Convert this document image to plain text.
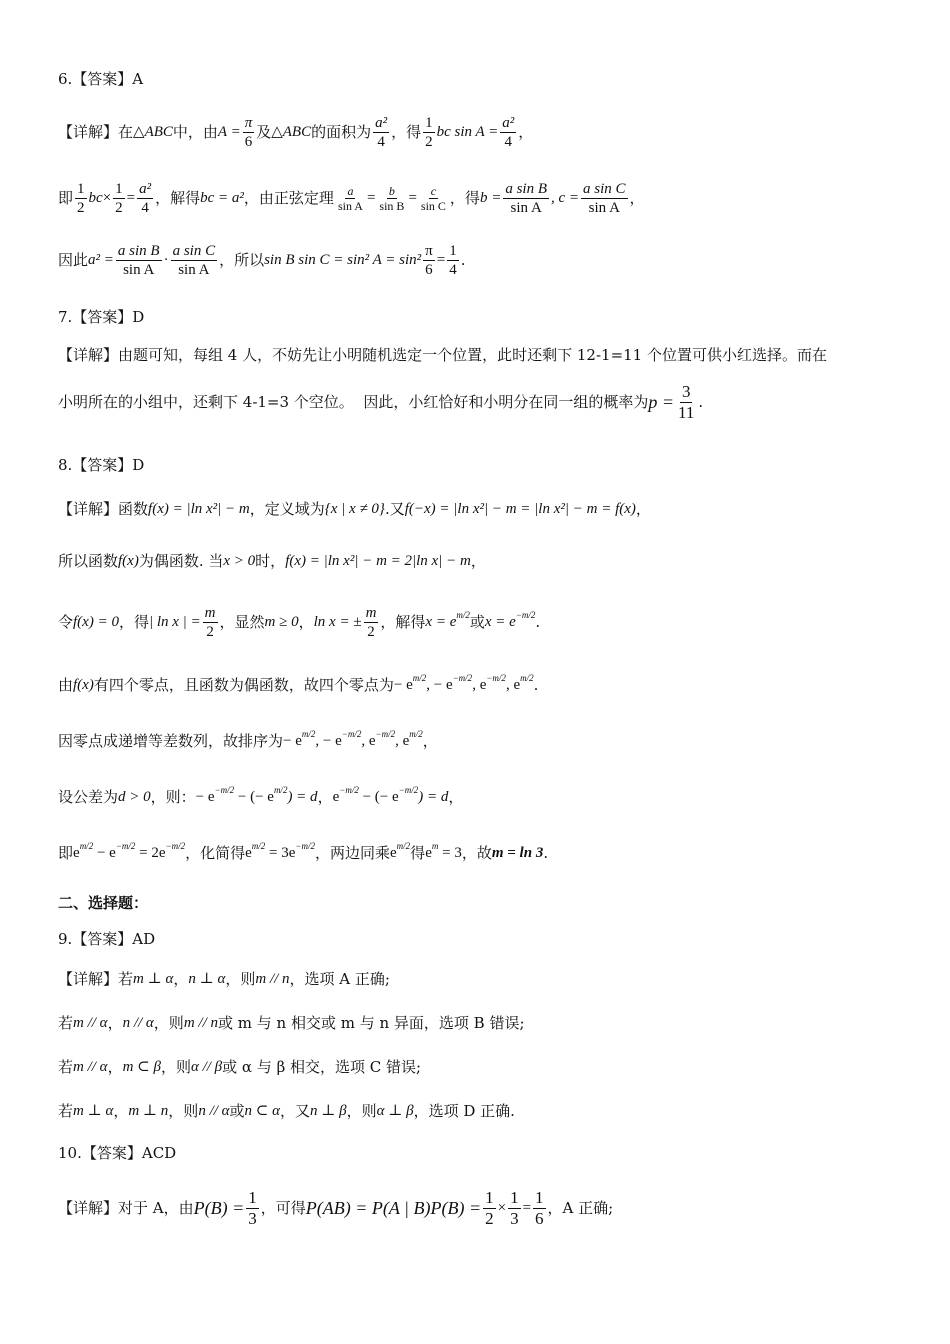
6.【答案】A
【详解】 在 △ABC 中，由 $A = \frac{\pi}{6}$ 及 △ABC 的面积为 $\frac{\text{a²}}{4}$ ，得 $\frac{1}{2}$ bc $\sin A = \frac{\text{a²}}{4}$ ，
即 $\frac{1}{2}$ bc × $\frac{1}{2} = \frac{\text{a²}}{4}$ ，解得 bc = a² ，由正弦定理 $\frac{a}{\text{sin A}} = \frac{b}{\text{sin B}} = \frac{c}{\text{sin C}}$ ，得 $b = \frac{\text{a sin B}}{\text{sin A}}$ , $c = \frac{\text{a sin C}}{\text{sin A}}$ ，
因此 $a^2 = \frac{\text{a sin B}}{\text{sin A}} \cdot \frac{\text{a sin C}}{\text{sin A}}$ ，所以 sin B sin C = sin² $A = \sin^2 \frac{\pi}{6} = \frac{1}{4}$ .
7.【答案】D
【详解】 由题可知，每组 4 人，不妨先让小明随机选定一个位置，此时还剩下 12-1=11 个位置可供小红选择。而在
小明所在的小组中，还剩下 4-1=3 个空位。  因此，小红恰好和小明分在同一组的概率为 $p = \frac{3}{11}$ .
8.【答案】D
【详解】 函数 f(x) = |ln x²| − m ，定义域为 {x | x ≠ 0} .又 f(−x) = |ln x²| − m = |ln x²| − m = f(x) ，
所以函数 f(x) 为偶函数. 当 x > 0 时， f(x) = |ln x²| − m = 2|ln x| − m ，
令 f(x) = 0 ，得 | ln x | = $\frac{m}{2}$ ，显然 m ≥ 0 ， ln x = ± $\frac{m}{2}$ ，解得 $x = e^{m/2}$ 或 $x = e^{-m/2}$ .
由 f(x) 有四个零点，且函数为偶函数，故四个零点为 − $e^{m/2}$ , − $e^{-m/2}$ , $e^{-m/2}$ , $e^{m/2}$ .
因零点成递增等差数列，故排序为 − $e^{m/2}$ , − $e^{-m/2}$ , $e^{-m/2}$ , $e^{m/2}$ ，
设公差为 d > 0 ，则： − $e^{-m/2}$ − (− $e^{m/2}$ ) = d ， $e^{-m/2}$ − (− $e^{-m/2}$ ) = d ，
即 $e^{m/2} - e^{-m/2} = 2e^{-m/2}$ ，化简得 $e^{m/2} = 3e^{-m/2}$ ，两边同乘 $e^{m/2}$ 得 $e^m = 3$ ，故 m = ln 3 .
二、选择题：
9.【答案】AD
【详解】 若 m ⊥ α ， n ⊥ α ，则 m // n ，选项 A 正确;
若 m // α ， n // α ，则 m // n 或 m 与 n 相交或 m 与 n 异面，选项 B 错误;
若 m // α ， m ⊂ β ，则 α // β 或 α 与 β 相交，选项 C 错误;
若 m ⊥ α ， m ⊥ n ，则 n // α 或 n ⊂ α ，又 n ⊥ β ，则 α ⊥ β ，选项 D 正确.
10.【答案】ACD
【详解】 对于 A，由 $P(B) = \frac{1}{3}$ ，可得 P(AB) = P(A | $B)P(B) = \frac{1}{2} \times \frac{1}{3} = \frac{1}{6}$ ，A 正确;
